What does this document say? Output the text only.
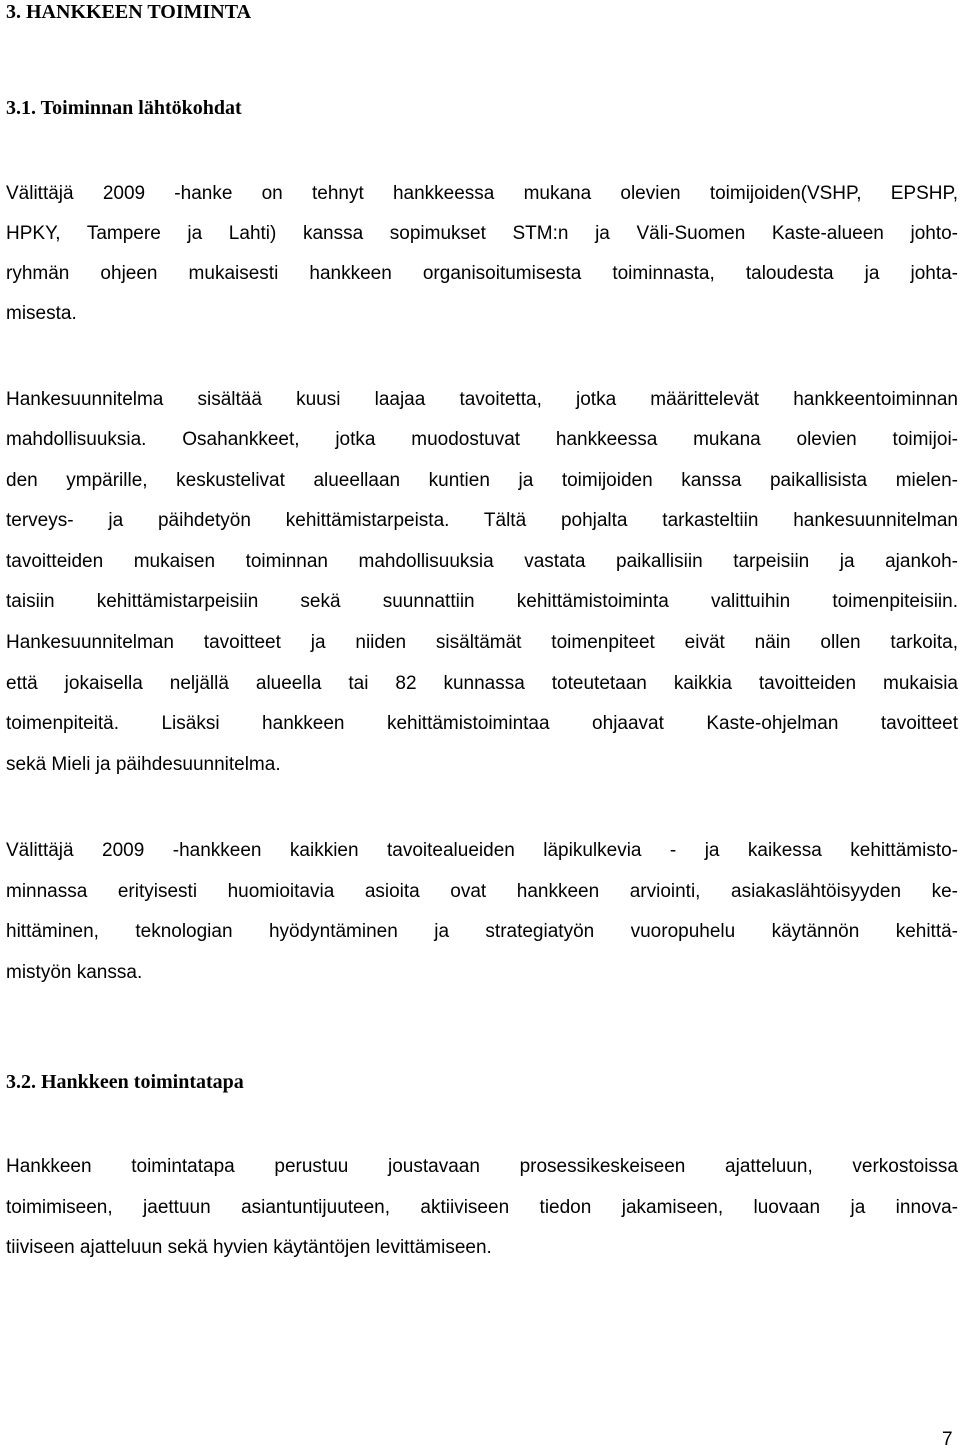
3. HANKKEEN TOIMINTA
3.1. Toiminnan lähtökohdat

Välittäjä 2009 -hanke on tehnyt hankkeessa mukana olevien toimijoiden(VSHP, EPSHP,

HPKY, Tampere ja Lahti) kanssa sopimukset STM:n ja Väli-Suomen Kaste-alueen johto-

ryhmän ohjeen mukaisesti hankkeen organisoitumisesta toiminnasta, taloudesta ja johta-

misesta.

Hankesuunnitelma sisältää kuusi laajaa tavoitetta, jotka määrittelevät hankkeentoiminnan

mahdollisuuksia. Osahankkeet, jotka muodostuvat hankkeessa mukana olevien toimijoi-

den ympärille, keskustelivat alueellaan kuntien ja toimijoiden kanssa paikallisista mielen-

terveys- ja päihdetyön kehittämistarpeista. Tältä pohjalta tarkasteltiin hankesuunnitelman

tavoitteiden mukaisen toiminnan mahdollisuuksia vastata paikallisiin tarpeisiin ja ajankoh-

taisiin kehittämistarpeisiin sekä suunnattiin kehittämistoiminta valittuihin toimenpiteisiin.

Hankesuunnitelman tavoitteet ja niiden sisältämät toimenpiteet eivät näin ollen tarkoita,

että jokaisella neljällä alueella tai 82 kunnassa toteutetaan kaikkia tavoitteiden mukaisia

toimenpiteitä. Lisäksi hankkeen kehittämistoimintaa ohjaavat Kaste-ohjelman tavoitteet

sekä Mieli ja päihdesuunnitelma.

Välittäjä 2009 -hankkeen kaikkien tavoitealueiden läpikulkevia - ja kaikessa kehittämisto-

minnassa erityisesti huomioitavia asioita ovat hankkeen arviointi, asiakaslähtöisyyden ke-

hittäminen, teknologian hyödyntäminen ja strategiatyön vuoropuhelu käytännön kehittä-

mistyön kanssa.

3.2. Hankkeen toimintatapa

Hankkeen toimintatapa perustuu joustavaan prosessikeskeiseen ajatteluun, verkostoissa

toimimiseen, jaettuun asiantuntijuuteen, aktiiviseen tiedon jakamiseen, luovaan ja innova-

tiiviseen ajatteluun sekä hyvien käytäntöjen levittämiseen.

7
